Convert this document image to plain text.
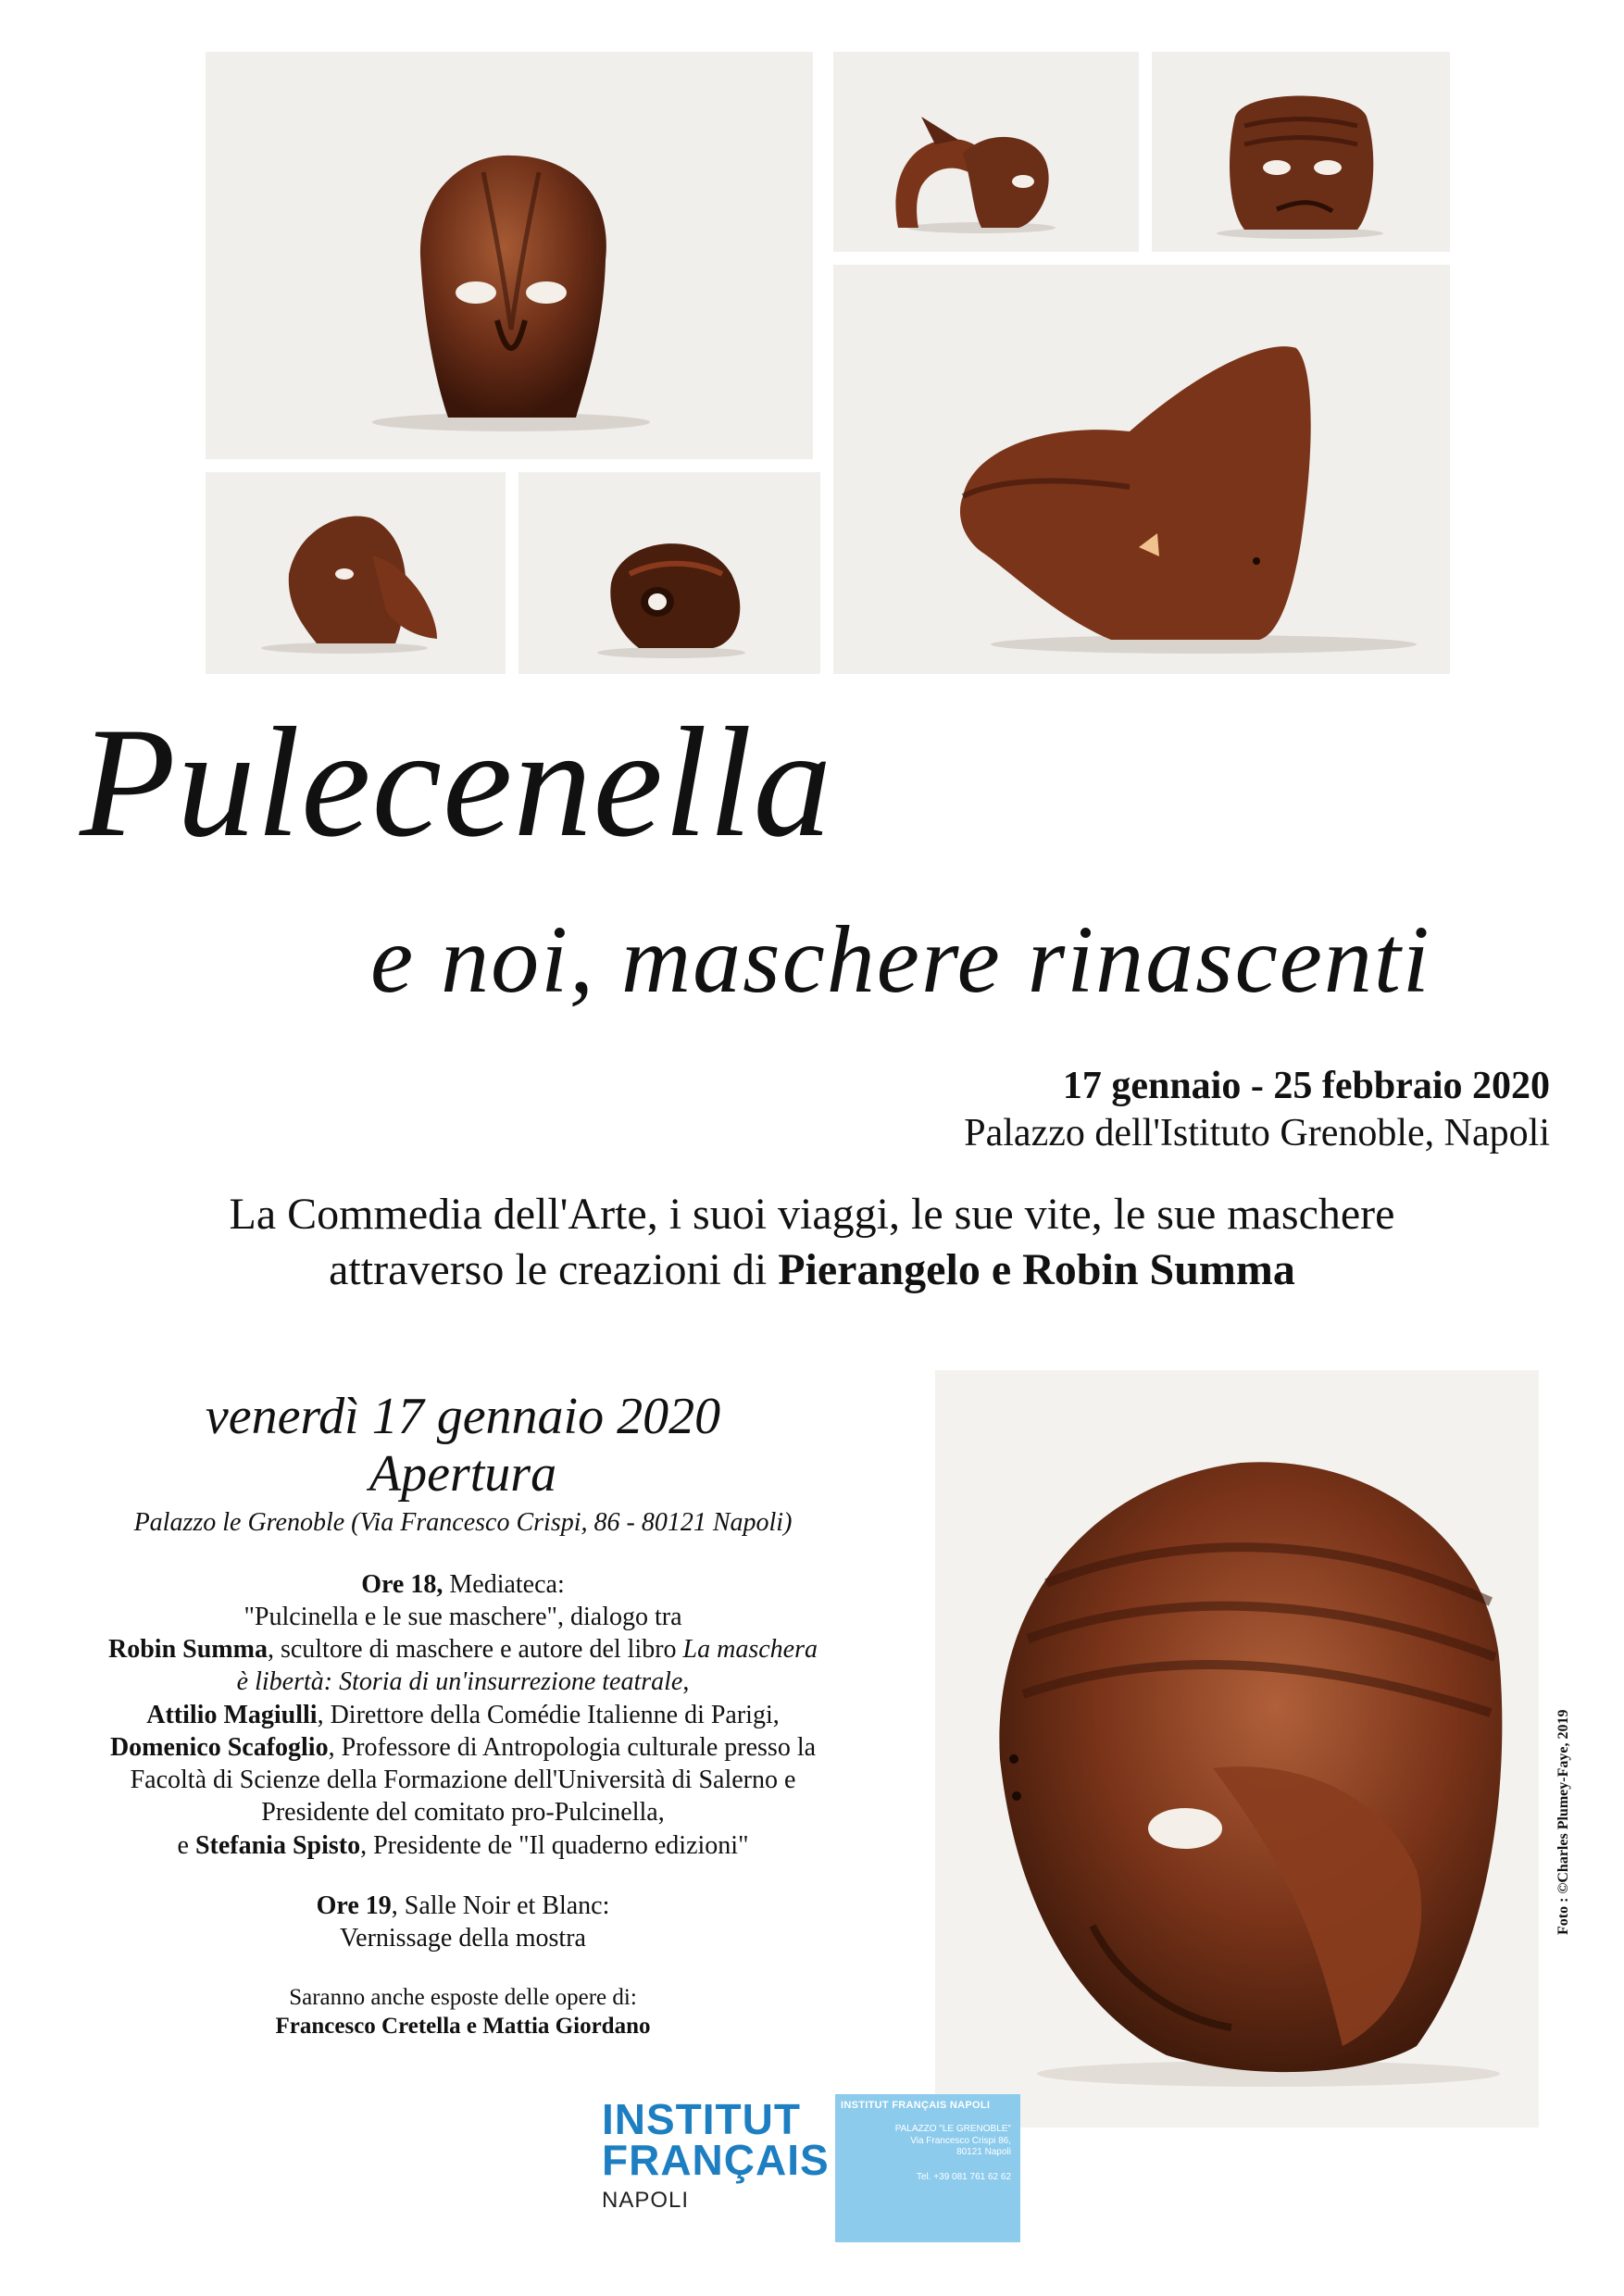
Pulecenella
e noi, maschere rinascenti
17 gennaio - 25 febbraio 2020
Palazzo dell'Istituto Grenoble, Napoli
La Commedia dell'Arte, i suoi viaggi, le sue vite, le sue maschere
attraverso le creazioni di Pierangelo e Robin Summa
venerdì 17 gennaio 2020
Apertura
Palazzo le Grenoble (Via Francesco Crispi, 86 - 80121 Napoli)
Ore 18, Mediateca:
"Pulcinella e le sue maschere", dialogo tra
Robin Summa, scultore di maschere e autore del libro La maschera è libertà: Storia di un'insurrezione teatrale,
Attilio Magiulli, Direttore della Comédie Italienne di Parigi,
Domenico Scafoglio, Professore di Antropologia culturale presso la Facoltà di Scienze della Formazione dell'Università di Salerno e Presidente del comitato pro-Pulcinella,
e Stefania Spisto, Presidente de "Il quaderno edizioni"
Ore 19, Salle Noir et Blanc:
Vernissage della mostra
Saranno anche esposte delle opere di:
Francesco Cretella e Mattia Giordano
Foto : ©Charles Plumey-Faye, 2019
INSTITUT
FRANÇAIS
NAPOLI
INSTITUT FRANÇAIS NAPOLI
PALAZZO "LE GRENOBLE"
Via Francesco Crispi 86,
80121 Napoli
Tel. +39 081 761 62 62
